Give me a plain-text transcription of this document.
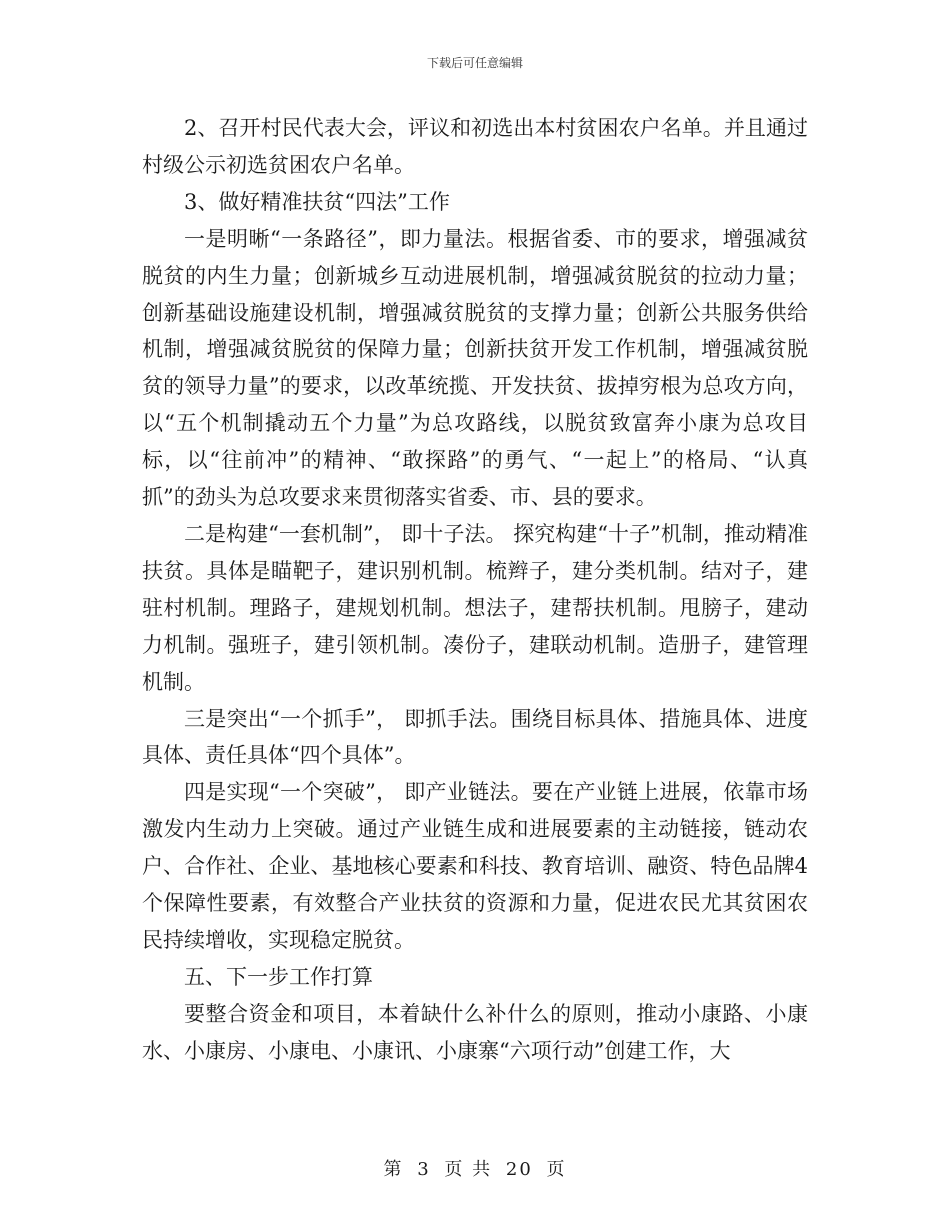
下载后可任意编辑

2、召开村民代表大会，评议和初选出本村贫困农户名单。并且通过村级公示初选贫困农户名单。

3、做好精准扶贫“四法”工作

一是明晰“一条路径”，即力量法。根据省委、市的要求，增强减贫脱贫的内生力量；创新城乡互动进展机制，增强减贫脱贫的拉动力量；创新基础设施建设机制，增强减贫脱贫的支撑力量；创新公共服务供给机制，增强减贫脱贫的保障力量；创新扶贫开发工作机制，增强减贫脱贫的领导力量”的要求，以改革统揽、开发扶贫、拔掉穷根为总攻方向，以“五个机制撬动五个力量”为总攻路线，以脱贫致富奔小康为总攻目标，以“往前冲”的精神、“敢探路”的勇气、“一起上”的格局、“认真抓”的劲头为总攻要求来贯彻落实省委、市、县的要求。

二是构建“一套机制”， 即十子法。 探究构建“十子”机制，推动精准扶贫。具体是瞄靶子，建识别机制。梳辫子，建分类机制。结对子，建驻村机制。理路子，建规划机制。想法子，建帮扶机制。甩膀子，建动力机制。强班子，建引领机制。凑份子，建联动机制。造册子，建管理机制。

三是突出“一个抓手”， 即抓手法。围绕目标具体、措施具体、进度具体、责任具体“四个具体”。

四是实现“一个突破”， 即产业链法。要在产业链上进展，依靠市场激发内生动力上突破。通过产业链生成和进展要素的主动链接，链动农户、合作社、企业、基地核心要素和科技、教育培训、融资、特色品牌4个保障性要素，有效整合产业扶贫的资源和力量，促进农民尤其贫困农民持续增收，实现稳定脱贫。

五、下一步工作打算

要整合资金和项目，本着缺什么补什么的原则，推动小康路、小康水、小康房、小康电、小康讯、小康寨“六项行动”创建工作，大

第 3 页 共 20 页
